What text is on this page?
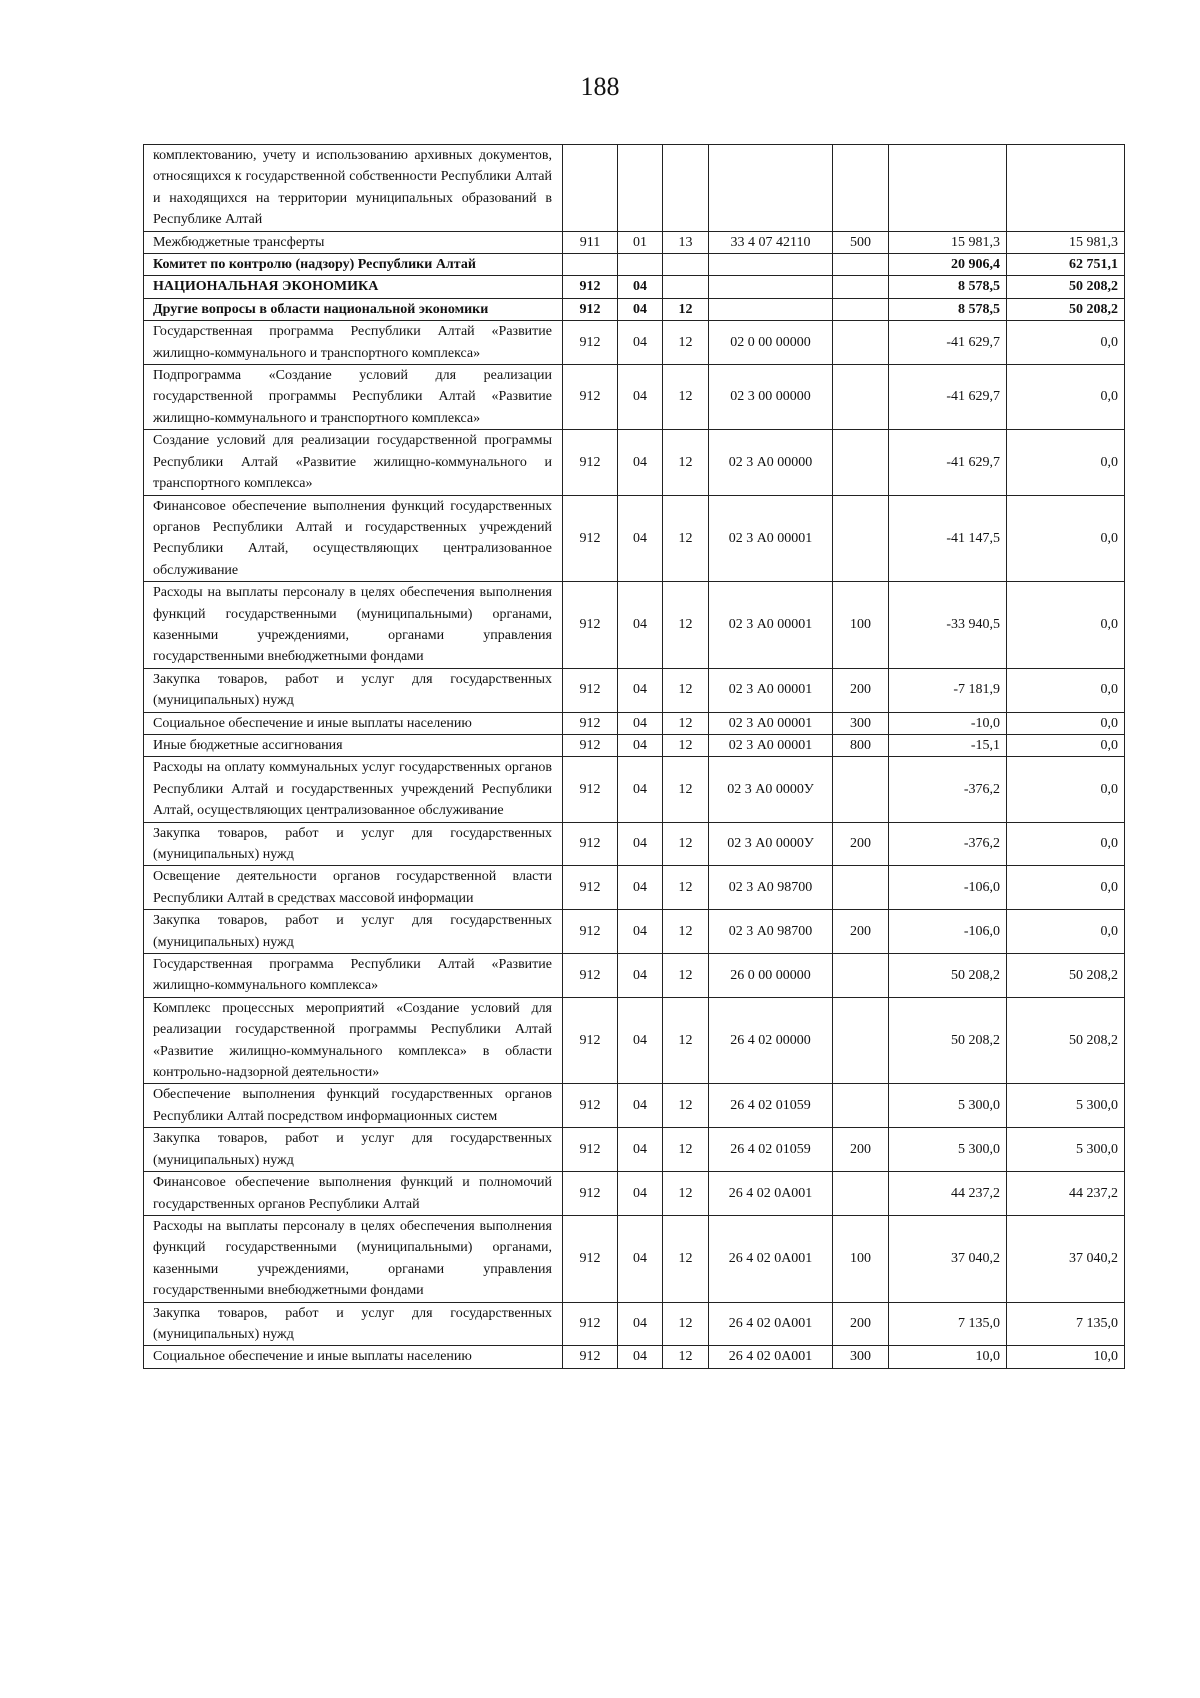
188
комплектованию, учету и использованию архивных документов, относящихся к государственной собственности Республики Алтай и находящихся на территории муниципальных образований в Республике Алтай							
Межбюджетные трансферты	911	01	13	33 4 07 42110	500	15 981,3	15 981,3
Комитет по контролю (надзору) Республики Алтай						20 906,4	62 751,1
НАЦИОНАЛЬНАЯ ЭКОНОМИКА	912	04				8 578,5	50 208,2
Другие вопросы в области национальной экономики	912	04	12			8 578,5	50 208,2
Государственная программа Республики Алтай «Развитие жилищно-коммунального и транспортного комплекса»	912	04	12	02 0 00 00000		-41 629,7	0,0
Подпрограмма «Создание условий для реализации государственной программы Республики Алтай «Развитие жилищно-коммунального и транспортного комплекса»	912	04	12	02 3 00 00000		-41 629,7	0,0
Создание условий для реализации государственной программы Республики Алтай «Развитие жилищно-коммунального и транспортного комплекса»	912	04	12	02 3 А0 00000		-41 629,7	0,0
Финансовое обеспечение выполнения функций государственных органов Республики Алтай и государственных учреждений Республики Алтай, осуществляющих централизованное обслуживание	912	04	12	02 3 А0 00001		-41 147,5	0,0
Расходы на выплаты персоналу в целях обеспечения выполнения функций государственными (муниципальными) органами, казенными учреждениями, органами управления государственными внебюджетными фондами	912	04	12	02 3 А0 00001	100	-33 940,5	0,0
Закупка товаров, работ и услуг для государственных (муниципальных) нужд	912	04	12	02 3 А0 00001	200	-7 181,9	0,0
Социальное обеспечение и иные выплаты населению	912	04	12	02 3 А0 00001	300	-10,0	0,0
Иные бюджетные ассигнования	912	04	12	02 3 А0 00001	800	-15,1	0,0
Расходы на оплату коммунальных услуг государственных органов Республики Алтай и государственных учреждений Республики Алтай, осуществляющих централизованное обслуживание	912	04	12	02 3 А0 0000У		-376,2	0,0
Закупка товаров, работ и услуг для государственных (муниципальных) нужд	912	04	12	02 3 А0 0000У	200	-376,2	0,0
Освещение деятельности органов государственной власти Республики Алтай в средствах массовой информации	912	04	12	02 3 А0 98700		-106,0	0,0
Закупка товаров, работ и услуг для государственных (муниципальных) нужд	912	04	12	02 3 А0 98700	200	-106,0	0,0
Государственная программа Республики Алтай «Развитие жилищно-коммунального комплекса»	912	04	12	26 0 00 00000		50 208,2	50 208,2
Комплекс процессных мероприятий «Создание условий для реализации государственной программы Республики Алтай «Развитие жилищно-коммунального комплекса» в области контрольно-надзорной деятельности»	912	04	12	26 4 02 00000		50 208,2	50 208,2
Обеспечение выполнения функций государственных органов Республики Алтай посредством информационных систем	912	04	12	26 4 02 01059		5 300,0	5 300,0
Закупка товаров, работ и услуг для государственных (муниципальных) нужд	912	04	12	26 4 02 01059	200	5 300,0	5 300,0
Финансовое обеспечение выполнения функций и полномочий государственных органов Республики Алтай	912	04	12	26 4 02 0А001		44 237,2	44 237,2
Расходы на выплаты персоналу в целях обеспечения выполнения функций государственными (муниципальными) органами, казенными учреждениями, органами управления государственными внебюджетными фондами	912	04	12	26 4 02 0А001	100	37 040,2	37 040,2
Закупка товаров, работ и услуг для государственных (муниципальных) нужд	912	04	12	26 4 02 0А001	200	7 135,0	7 135,0
Социальное обеспечение и иные выплаты населению	912	04	12	26 4 02 0А001	300	10,0	10,0
